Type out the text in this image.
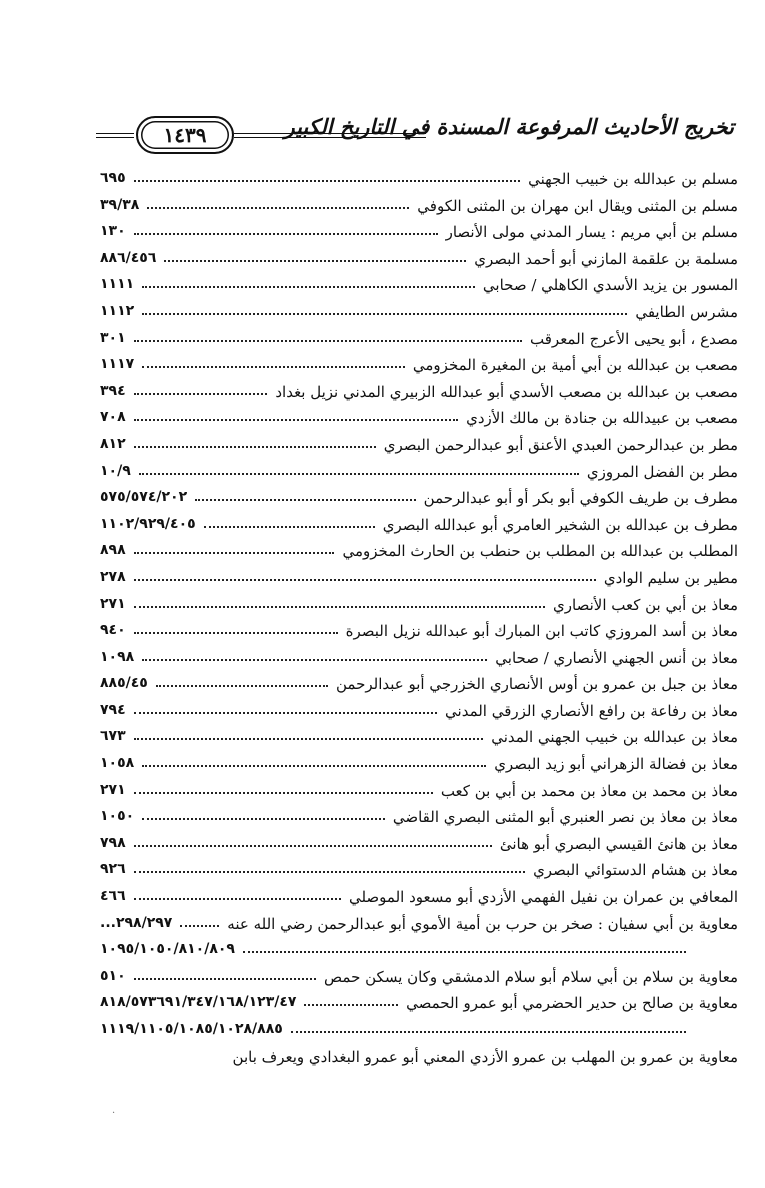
١٤٣٩	تخريج الأحاديث المرفوعة المسندة في التاريخ الكبير
مسلم بن عبدالله بن خبيب الجهني
٦٩٥
مسلم بن المثنى ويقال ابن مهران بن المثنى الكوفي
٣٩/٣٨
مسلم بن أبي مريم : يسار المدني مولى الأنصار
١٣٠
مسلمة بن علقمة المازني أبو أحمد البصري
٨٨٦/٤٥٦
المسور بن يزيد الأسدي الكاهلي / صحابي
١١١١
مشرس الطايفي
١١١٢
مصدع ، أبو يحيى الأعرج المعرقب
٣٠١
مصعب بن عبدالله بن أبي أمية بن المغيرة المخزومي
١١١٧
مصعب بن عبدالله بن مصعب الأسدي أبو عبدالله الزبيري المدني نزيل بغداد
٣٩٤
مصعب بن عبيدالله بن جنادة بن مالك الأزدي
٧٠٨
مطر بن عبدالرحمن العبدي الأعنق أبو عبدالرحمن البصري
٨١٢
مطر بن الفضل المروزي
١٠/٩
مطرف بن طريف الكوفي أبو بكر أو أبو عبدالرحمن
٥٧٥/٥٧٤/٢٠٢
مطرف بن عبدالله بن الشخير العامري أبو عبدالله البصري
١١٠٢/٩٢٩/٤٠٥
المطلب بن عبدالله بن المطلب بن حنطب بن الحارث المخزومي
٨٩٨
مطير بن سليم الوادي
٢٧٨
معاذ بن أبي بن كعب الأنصاري
٢٧١
معاذ بن أسد المروزي كاتب ابن المبارك أبو عبدالله نزيل البصرة
٩٤٠
معاذ بن أنس الجهني الأنصاري / صحابي
١٠٩٨
معاذ بن جبل بن عمرو بن أوس الأنصاري الخزرجي أبو عبدالرحمن
٨٨٥/٤٥
معاذ بن رفاعة بن رافع الأنصاري الزرقي المدني
٧٩٤
معاذ بن عبدالله بن خبيب الجهني المدني
٦٧٣
معاذ بن فضالة الزهراني أبو زيد البصري
١٠٥٨
معاذ بن محمد بن معاذ بن محمد بن أبي بن كعب
٢٧١
معاذ بن معاذ بن نصر العنبري أبو المثنى البصري القاضي
١٠٥٠
معاذ بن هانئ القيسي البصري أبو هانئ
٧٩٨
معاذ بن هشام الدستوائي البصري
٩٢٦
المعافي بن عمران بن نفيل الفهمي الأزدي أبو مسعود الموصلي
٤٦٦
معاوية بن أبي سفيان : صخر بن حرب بن أمية الأموي أبو عبدالرحمن رضي الله عنه
٢٩٨/٢٩٧...
١٠٩٥/١٠٥٠/٨١٠/٨٠٩
معاوية بن سلام بن أبي سلام أبو سلام الدمشقي وكان يسكن حمص
٥١٠
معاوية بن صالح بن حدير الحضرمي أبو عمرو الحمصي
٨١٨/٥٧٣٦٩١/٣٤٧/١٦٨/١٢٣/٤٧
١١١٩/١١٠٥/١٠٨٥/١٠٢٨/٨٨٥
معاوية بن عمرو بن المهلب بن عمرو الأزدي المعني أبو عمرو البغدادي ويعرف بابن
·
